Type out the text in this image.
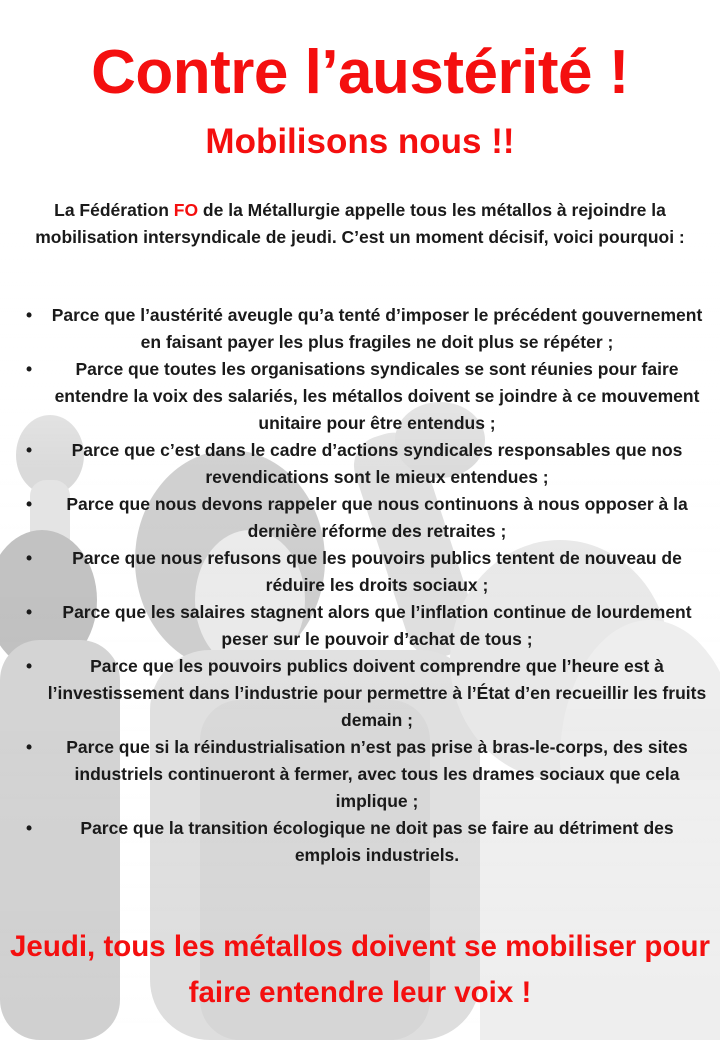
Contre l’austérité !
Mobilisons nous !!
La Fédération FO de la Métallurgie appelle tous les métallos à rejoindre la mobilisation intersyndicale de jeudi. C’est un moment décisif, voici pourquoi :
•	Parce que l’austérité aveugle qu’a tenté d’imposer le précédent gouvernement en faisant payer les plus fragiles ne doit plus se répéter ;
•	Parce que toutes les organisations syndicales se sont réunies pour faire entendre la voix des salariés, les métallos doivent se joindre à ce mouvement unitaire pour être entendus ;
•	Parce que c’est dans le cadre d’actions syndicales responsables que nos revendications sont le mieux entendues ;
•	Parce que nous devons rappeler que nous continuons à nous opposer à la dernière réforme des retraites ;
•	Parce que nous refusons que les pouvoirs publics tentent de nouveau de réduire les droits sociaux ;
•	Parce que les salaires stagnent alors que l’inflation continue de lourdement peser sur le pouvoir d’achat de tous ;
•	Parce que les pouvoirs publics doivent comprendre que l’heure est à l’investissement dans l’industrie pour permettre à l’État d’en recueillir les fruits demain ;
•	Parce que si la réindustrialisation n’est pas prise à bras-le-corps, des sites industriels continueront à fermer, avec tous les drames sociaux que cela implique ;
•	Parce que la transition écologique ne doit pas se faire au détriment des emplois industriels.
Jeudi, tous les métallos doivent se mobiliser pour faire entendre leur voix !
